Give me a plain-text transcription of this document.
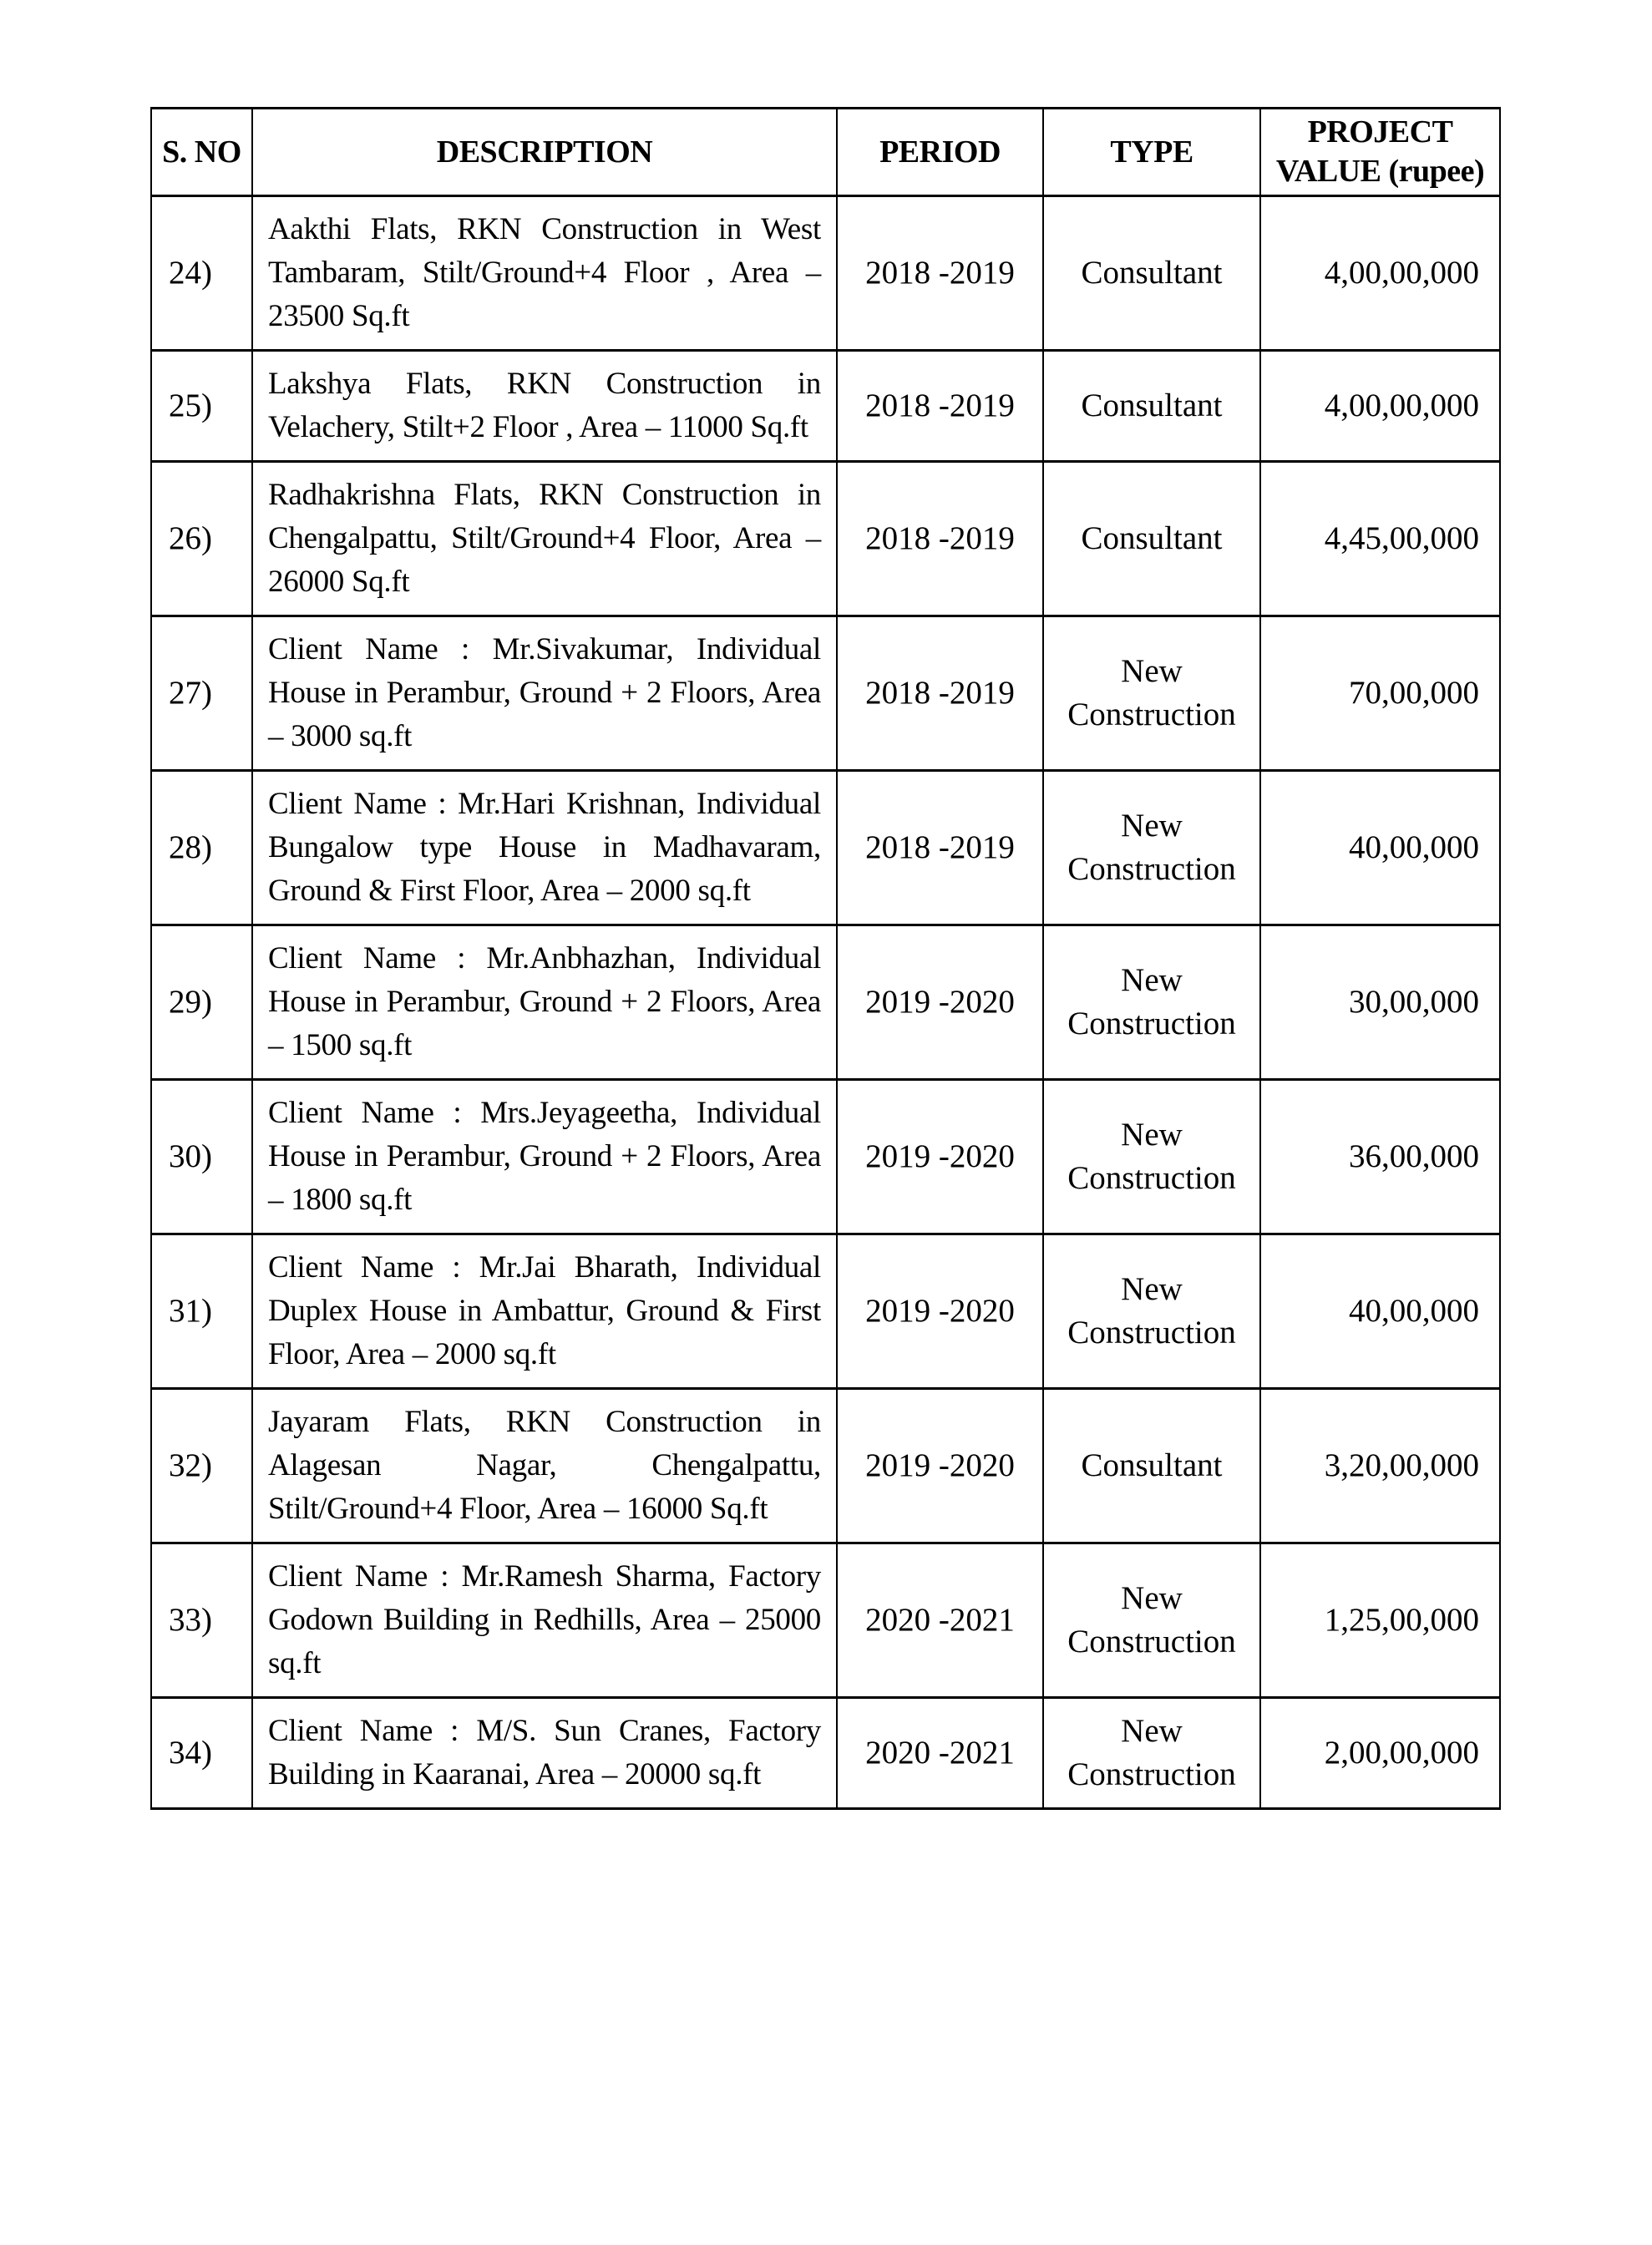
S. NO	DESCRIPTION	PERIOD	TYPE	PROJECT VALUE (rupee)
24)	Aakthi Flats, RKN Construction in West Tambaram, Stilt/Ground+4 Floor , Area – 23500 Sq.ft	2018 -2019	Consultant	4,00,00,000
25)	Lakshya Flats, RKN Construction in Velachery, Stilt+2 Floor , Area – 11000 Sq.ft	2018 -2019	Consultant	4,00,00,000
26)	Radhakrishna Flats, RKN Construction in Chengalpattu, Stilt/Ground+4 Floor, Area – 26000 Sq.ft	2018 -2019	Consultant	4,45,00,000
27)	Client Name : Mr.Sivakumar, Individual House in Perambur, Ground + 2 Floors, Area – 3000 sq.ft	2018 -2019	New Construction	70,00,000
28)	Client Name : Mr.Hari Krishnan, Individual Bungalow type House in Madhavaram, Ground & First Floor, Area – 2000 sq.ft	2018 -2019	New Construction	40,00,000
29)	Client Name : Mr.Anbhazhan, Individual House in Perambur, Ground + 2 Floors, Area – 1500 sq.ft	2019 -2020	New Construction	30,00,000
30)	Client Name : Mrs.Jeyageetha, Individual House in Perambur, Ground + 2 Floors, Area – 1800 sq.ft	2019 -2020	New Construction	36,00,000
31)	Client Name : Mr.Jai Bharath, Individual Duplex House in Ambattur, Ground & First Floor, Area – 2000 sq.ft	2019 -2020	New Construction	40,00,000
32)	Jayaram Flats, RKN Construction in Alagesan Nagar, Chengalpattu, Stilt/Ground+4 Floor, Area – 16000 Sq.ft	2019 -2020	Consultant	3,20,00,000
33)	Client Name : Mr.Ramesh Sharma, Factory Godown Building in Redhills, Area – 25000 sq.ft	2020 -2021	New Construction	1,25,00,000
34)	Client Name : M/S. Sun Cranes, Factory Building in Kaaranai, Area – 20000 sq.ft	2020 -2021	New Construction	2,00,00,000
